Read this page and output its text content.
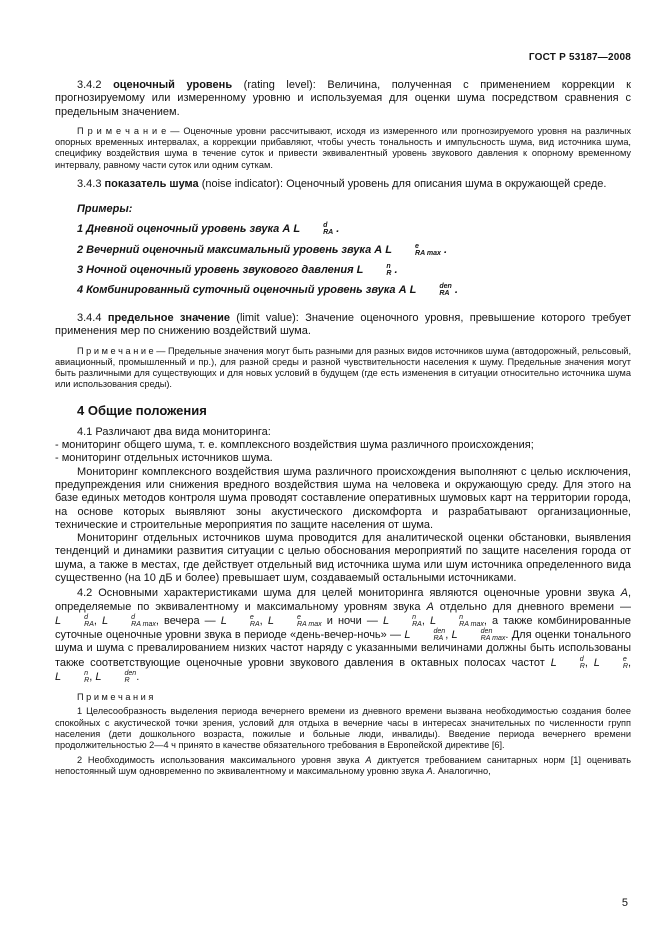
ГОСТ Р 53187—2008

3.4.2 оценочный уровень (rating level): Величина, полученная с применением коррекции к прогнозируемому или измеренному уровню и используемая для оценки шума посредством сравнения с предельным значением.

П р и м е ч а н и е — Оценочные уровни рассчитывают, исходя из измеренного или прогнозируемого уровня на различных опорных временных интервалах, а коррекции прибавляют, чтобы учесть тональность и импульсность шума, вид источника шума, специфику воздействия шума в течение суток и привести эквивалентный уровень звукового давления к опорному временному интервалу, равному части суток или одним суткам.

3.4.3 показатель шума (noise indicator): Оценочный уровень для описания шума в окружающей среде.

Примеры:

1 Дневной оценочный уровень звука А L	d
RA .

2 Вечерний оценочный максимальный уровень звука А L	e
RA max .

3 Ночной оценочный уровень звукового давления L	n
R .

4 Комбинированный суточный оценочный уровень звука А L	den
RA .

3.4.4 предельное значение (limit value): Значение оценочного уровня, превышение которого требует применения мер по снижению воздействий шума.

П р и м е ч а н и е — Предельные значения могут быть разными для разных видов источников шума (автодорожный, рельсовый, авиационный, промышленный и пр.), для разной среды и разной чувствительности населения к шуму. Предельные значения могут быть различными для существующих и для новых условий в будущем (где есть изменения в ситуации относительно источника шума или использования среды).

4 Общие положения

4.1 Различают два вида мониторинга:

- мониторинг общего шума, т. е. комплексного воздействия шума различного происхождения;

- мониторинг отдельных источников шума.

Мониторинг комплексного воздействия шума различного происхождения выполняют с целью исключения, предупреждения или снижения вредного воздействия шума на человека и окружающую среду. Для этого на базе единых методов контроля шума проводят составление оперативных шумовых карт на территории города, на основе которых выявляют зоны акустического дискомфорта и разрабатывают организационные, технические и строительные мероприятия по защите населения от шума.

Мониторинг отдельных источников шума проводится для аналитической оценки обстановки, выявления тенденций и динамики развития ситуации с целью обоснования мероприятий по защите населения города от шума, а также в местах, где действует отдельный вид источника шума или шум источника определенного вида существенно (на 10 дБ и более) превышает шум, создаваемый остальными источниками.

4.2 Основными характеристиками шума для целей мониторинга являются оценочные уровни звука А, определяемые по эквивалентному и максимальному уровням звука А отдельно для дневного времени — L	d
RA , L	d
RA max , вечера — L	e
RA , L	e
RA max и ночи — L	n
RA , L	n
RA max , а также комбинированные суточные оценочные уровни звука в периоде «день-вечер-ночь» — L	den
RA , L	den
RA max . Для оценки тонального шума и шума с превалированием низких частот наряду с указанными величинами должны быть использованы также соответствующие оценочные уровни звукового давления в октавных полосах частот L	d
R , L	e
R , L	n
R , L	den
R .

П р и м е ч а н и я

1 Целесообразность выделения периода вечернего времени из дневного времени вызвана необходимостью создания более спокойных с акустической точки зрения, условий для отдыха в вечерние часы в интересах значительных по численности групп населения (дети дошкольного возраста, пожилые и больные люди, инвалиды). Введение периода вечернего времени продолжительностью 2—4 ч принято в качестве обязательного требования в Европейской директиве [6].

2 Необходимость использования максимального уровня звука А диктуется требованием санитарных норм [1] оценивать непостоянный шум одновременно по эквивалентному и максимальному уровню звука А. Аналогично,

5
